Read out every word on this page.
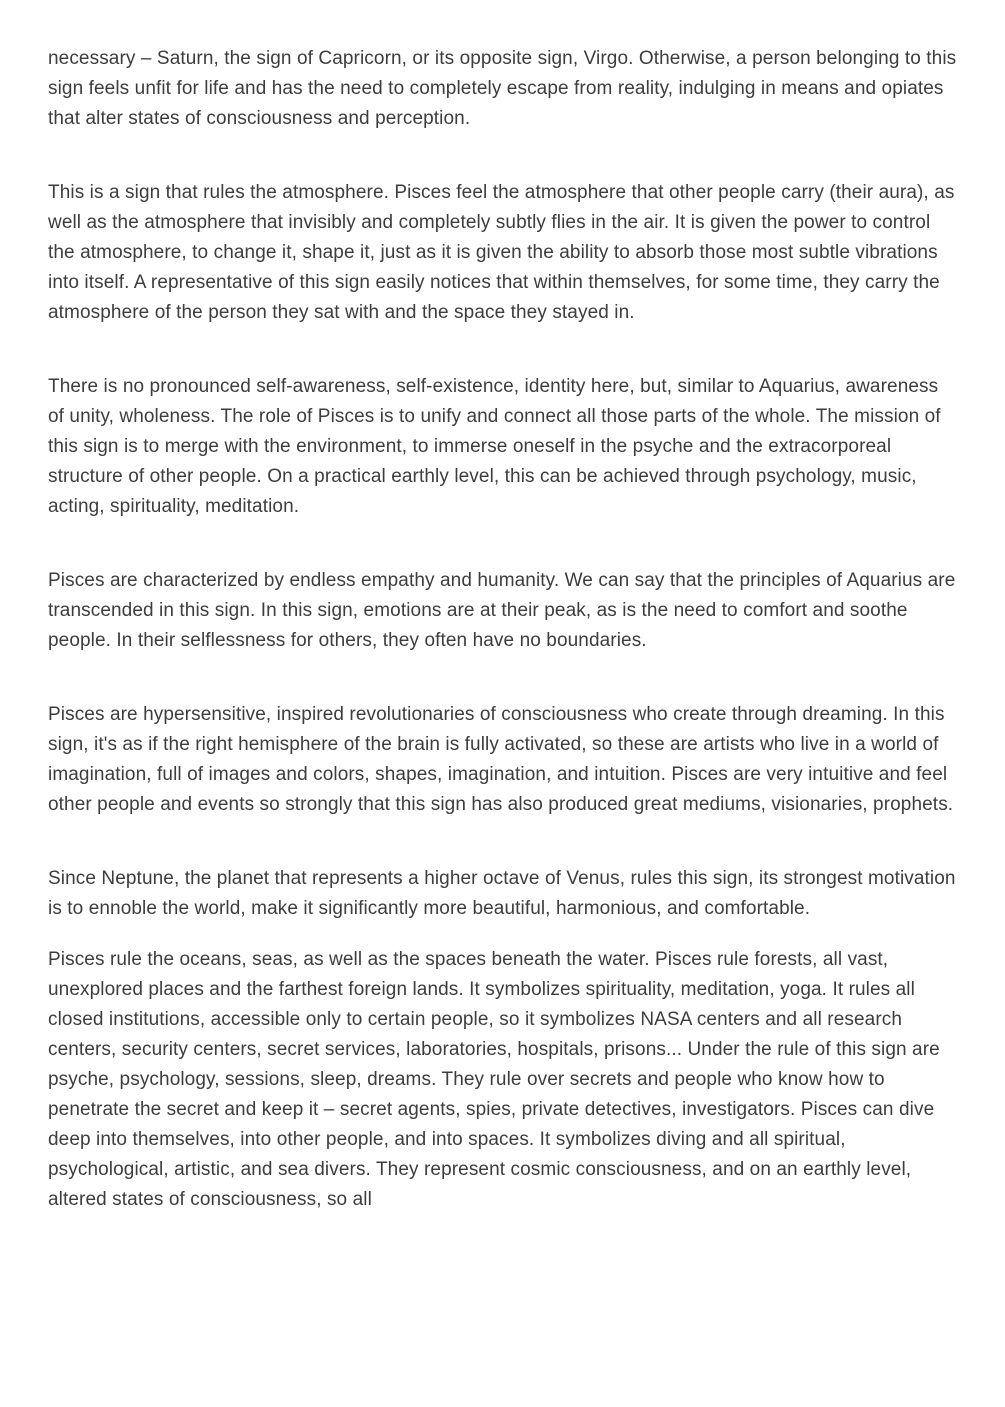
necessary – Saturn, the sign of Capricorn, or its opposite sign, Virgo. Otherwise, a person belonging to this sign feels unfit for life and has the need to completely escape from reality, indulging in means and opiates that alter states of consciousness and perception.

This is a sign that rules the atmosphere. Pisces feel the atmosphere that other people carry (their aura), as well as the atmosphere that invisibly and completely subtly flies in the air. It is given the power to control the atmosphere, to change it, shape it, just as it is given the ability to absorb those most subtle vibrations into itself. A representative of this sign easily notices that within themselves, for some time, they carry the atmosphere of the person they sat with and the space they stayed in.

There is no pronounced self-awareness, self-existence, identity here, but, similar to Aquarius, awareness of unity, wholeness. The role of Pisces is to unify and connect all those parts of the whole. The mission of this sign is to merge with the environment, to immerse oneself in the psyche and the extracorporeal structure of other people. On a practical earthly level, this can be achieved through psychology, music, acting, spirituality, meditation.

Pisces are characterized by endless empathy and humanity. We can say that the principles of Aquarius are transcended in this sign. In this sign, emotions are at their peak, as is the need to comfort and soothe people. In their selflessness for others, they often have no boundaries.

Pisces are hypersensitive, inspired revolutionaries of consciousness who create through dreaming. In this sign, it's as if the right hemisphere of the brain is fully activated, so these are artists who live in a world of imagination, full of images and colors, shapes, imagination, and intuition. Pisces are very intuitive and feel other people and events so strongly that this sign has also produced great mediums, visionaries, prophets.

Since Neptune, the planet that represents a higher octave of Venus, rules this sign, its strongest motivation is to ennoble the world, make it significantly more beautiful, harmonious, and comfortable.

Pisces rule the oceans, seas, as well as the spaces beneath the water. Pisces rule forests, all vast, unexplored places and the farthest foreign lands. It symbolizes spirituality, meditation, yoga. It rules all closed institutions, accessible only to certain people, so it symbolizes NASA centers and all research centers, security centers, secret services, laboratories, hospitals, prisons... Under the rule of this sign are psyche, psychology, sessions, sleep, dreams. They rule over secrets and people who know how to penetrate the secret and keep it – secret agents, spies, private detectives, investigators. Pisces can dive deep into themselves, into other people, and into spaces. It symbolizes diving and all spiritual, psychological, artistic, and sea divers. They represent cosmic consciousness, and on an earthly level, altered states of consciousness, so all
